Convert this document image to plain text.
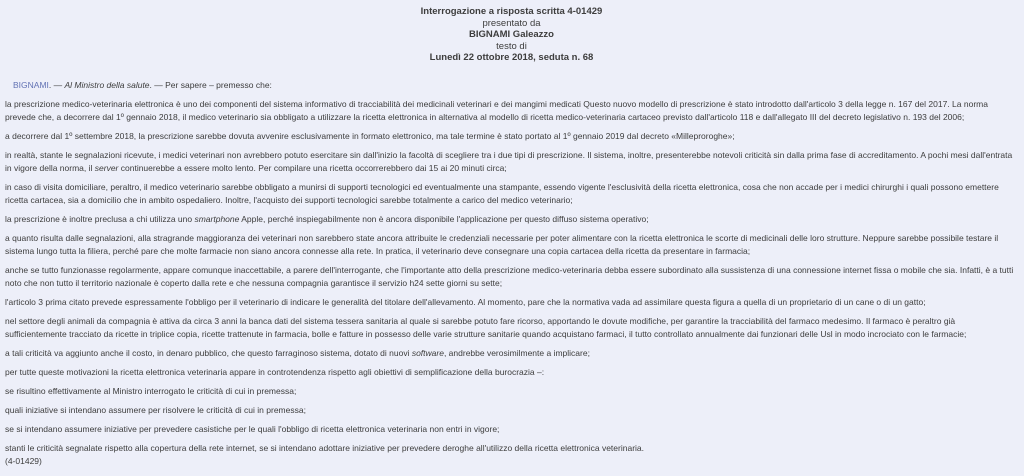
Interrogazione a risposta scritta 4-01429
presentato da
BIGNAMI Galeazzo
testo di
Lunedì 22 ottobre 2018, seduta n. 68

BIGNAMI. — Al Ministro della salute. — Per sapere – premesso che:

la prescrizione medico-veterinaria elettronica è uno dei componenti del sistema informativo di tracciabilità dei medicinali veterinari e dei mangimi medicati Questo nuovo modello di prescrizione è stato introdotto dall'articolo 3 della legge n. 167 del 2017. La norma prevede che, a decorrere dal 1º gennaio 2018, il medico veterinario sia obbligato a utilizzare la ricetta elettronica in alternativa al modello di ricetta medico-veterinaria cartaceo previsto dall'articolo 118 e dall'allegato III del decreto legislativo n. 193 del 2006;

a decorrere dal 1º settembre 2018, la prescrizione sarebbe dovuta avvenire esclusivamente in formato elettronico, ma tale termine è stato portato al 1º gennaio 2019 dal decreto «Milleproroghe»;

in realtà, stante le segnalazioni ricevute, i medici veterinari non avrebbero potuto esercitare sin dall'inizio la facoltà di scegliere tra i due tipi di prescrizione. Il sistema, inoltre, presenterebbe notevoli criticità sin dalla prima fase di accreditamento. A pochi mesi dall'entrata in vigore della norma, il server continuerebbe a essere molto lento. Per compilare una ricetta occorrerebbero dai 15 ai 20 minuti circa;

in caso di visita domiciliare, peraltro, il medico veterinario sarebbe obbligato a munirsi di supporti tecnologici ed eventualmente una stampante, essendo vigente l'esclusività della ricetta elettronica, cosa che non accade per i medici chirurghi i quali possono emettere ricetta cartacea, sia a domicilio che in ambito ospedaliero. Inoltre, l'acquisto dei supporti tecnologici sarebbe totalmente a carico del medico veterinario;

la prescrizione è inoltre preclusa a chi utilizza uno smartphone Apple, perché inspiegabilmente non è ancora disponibile l'applicazione per questo diffuso sistema operativo;

a quanto risulta dalle segnalazioni, alla stragrande maggioranza dei veterinari non sarebbero state ancora attribuite le credenziali necessarie per poter alimentare con la ricetta elettronica le scorte di medicinali delle loro strutture. Neppure sarebbe possibile testare il sistema lungo tutta la filiera, perché pare che molte farmacie non siano ancora connesse alla rete. In pratica, il veterinario deve consegnare una copia cartacea della ricetta da presentare in farmacia;

anche se tutto funzionasse regolarmente, appare comunque inaccettabile, a parere dell'interrogante, che l'importante atto della prescrizione medico-veterinaria debba essere subordinato alla sussistenza di una connessione internet fissa o mobile che sia. Infatti, è a tutti noto che non tutto il territorio nazionale è coperto dalla rete e che nessuna compagnia garantisce il servizio h24 sette giorni su sette;

l'articolo 3 prima citato prevede espressamente l'obbligo per il veterinario di indicare le generalità del titolare dell'allevamento. Al momento, pare che la normativa vada ad assimilare questa figura a quella di un proprietario di un cane o di un gatto;

nel settore degli animali da compagnia è attiva da circa 3 anni la banca dati del sistema tessera sanitaria al quale si sarebbe potuto fare ricorso, apportando le dovute modifiche, per garantire la tracciabilità del farmaco medesimo. Il farmaco è peraltro già sufficientemente tracciato da ricette in triplice copia, ricette trattenute in farmacia, bolle e fatture in possesso delle varie strutture sanitarie quando acquistano farmaci, il tutto controllato annualmente dai funzionari delle Usl in modo incrociato con le farmacie;

a tali criticità va aggiunto anche il costo, in denaro pubblico, che questo farraginoso sistema, dotato di nuovi software, andrebbe verosimilmente a implicare;

per tutte queste motivazioni la ricetta elettronica veterinaria appare in controtendenza rispetto agli obiettivi di semplificazione della burocrazia –:

se risultino effettivamente al Ministro interrogato le criticità di cui in premessa;

quali iniziative si intendano assumere per risolvere le criticità di cui in premessa;

se si intendano assumere iniziative per prevedere casistiche per le quali l'obbligo di ricetta elettronica veterinaria non entri in vigore;

stanti le criticità segnalate rispetto alla copertura della rete internet, se si intendano adottare iniziative per prevedere deroghe all'utilizzo della ricetta elettronica veterinaria.

(4-01429)
